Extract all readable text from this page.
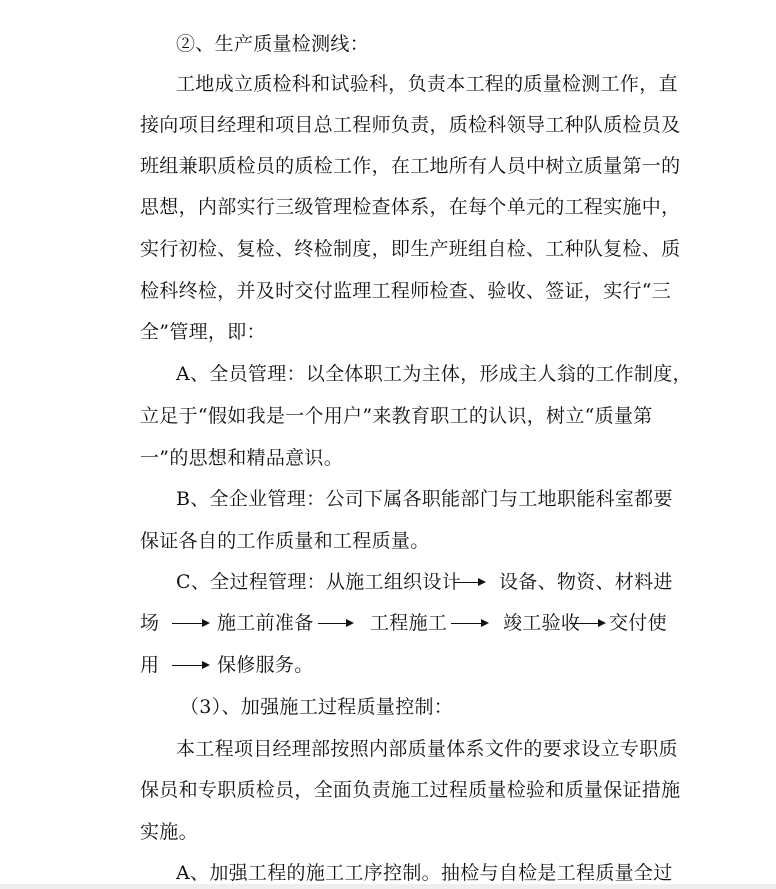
②、生产质量检测线：
工地成立质检科和试验科，负责本工程的质量检测工作，直
接向项目经理和项目总工程师负责，质检科领导工种队质检员及
班组兼职质检员的质检工作，在工地所有人员中树立质量第一的
思想，内部实行三级管理检查体系，在每个单元的工程实施中，
实行初检、复检、终检制度，即生产班组自检、工种队复检、质
检科终检，并及时交付监理工程师检查、验收、签证，实行“三
全”管理，即：
A、全员管理：以全体职工为主体，形成主人翁的工作制度，
立足于“假如我是一个用户”来教育职工的认识，树立“质量第
一”的思想和精品意识。
B、全企业管理：公司下属各职能部门与工地职能科室都要
保证各自的工作质量和工程质量。
C、全过程管理：从施工组织设计 设备、物资、材料进
场	施工前准备	工程施工	竣工验收 交付使
用	保修服务。
（3）、加强施工过程质量控制：
本工程项目经理部按照内部质量体系文件的要求设立专职质
保员和专职质检员，全面负责施工过程质量检验和质量保证措施
实施。
A、加强工程的施工工序控制。抽检与自检是工程质量全过
